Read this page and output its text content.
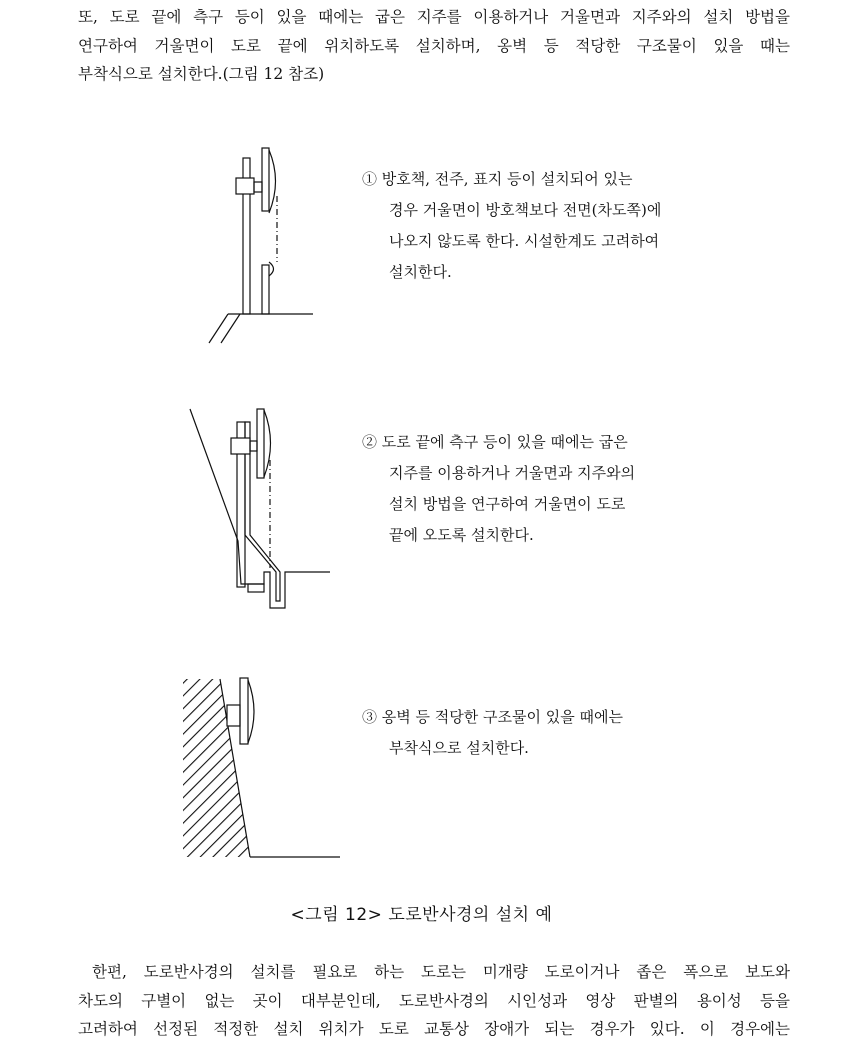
또, 도로 끝에 측구 등이 있을 때에는 굽은 지주를 이용하거나 거울면과 지주와의 설치 방법을
연구하여 거울면이 도로 끝에 위치하도록 설치하며, 옹벽 등 적당한 구조물이 있을 때는
부착식으로 설치한다.(그림 12 참조)

① 방호책, 전주, 표지 등이 설치되어 있는
경우 거울면이 방호책보다 전면(차도쪽)에
나오지 않도록 한다. 시설한계도 고려하여
설치한다.

② 도로 끝에 측구 등이 있을 때에는 굽은
지주를 이용하거나 거울면과 지주와의
설치 방법을 연구하여 거울면이 도로
끝에 오도록 설치한다.

③ 옹벽 등 적당한 구조물이 있을 때에는
부착식으로 설치한다.

<그림 12> 도로반사경의 설치 예

한편, 도로반사경의 설치를 필요로 하는 도로는 미개량 도로이거나 좁은 폭으로 보도와
차도의 구별이 없는 곳이 대부분인데, 도로반사경의 시인성과 영상 판별의 용이성 등을
고려하여 선정된 적정한 설치 위치가 도로 교통상 장애가 되는 경우가 있다. 이 경우에는
